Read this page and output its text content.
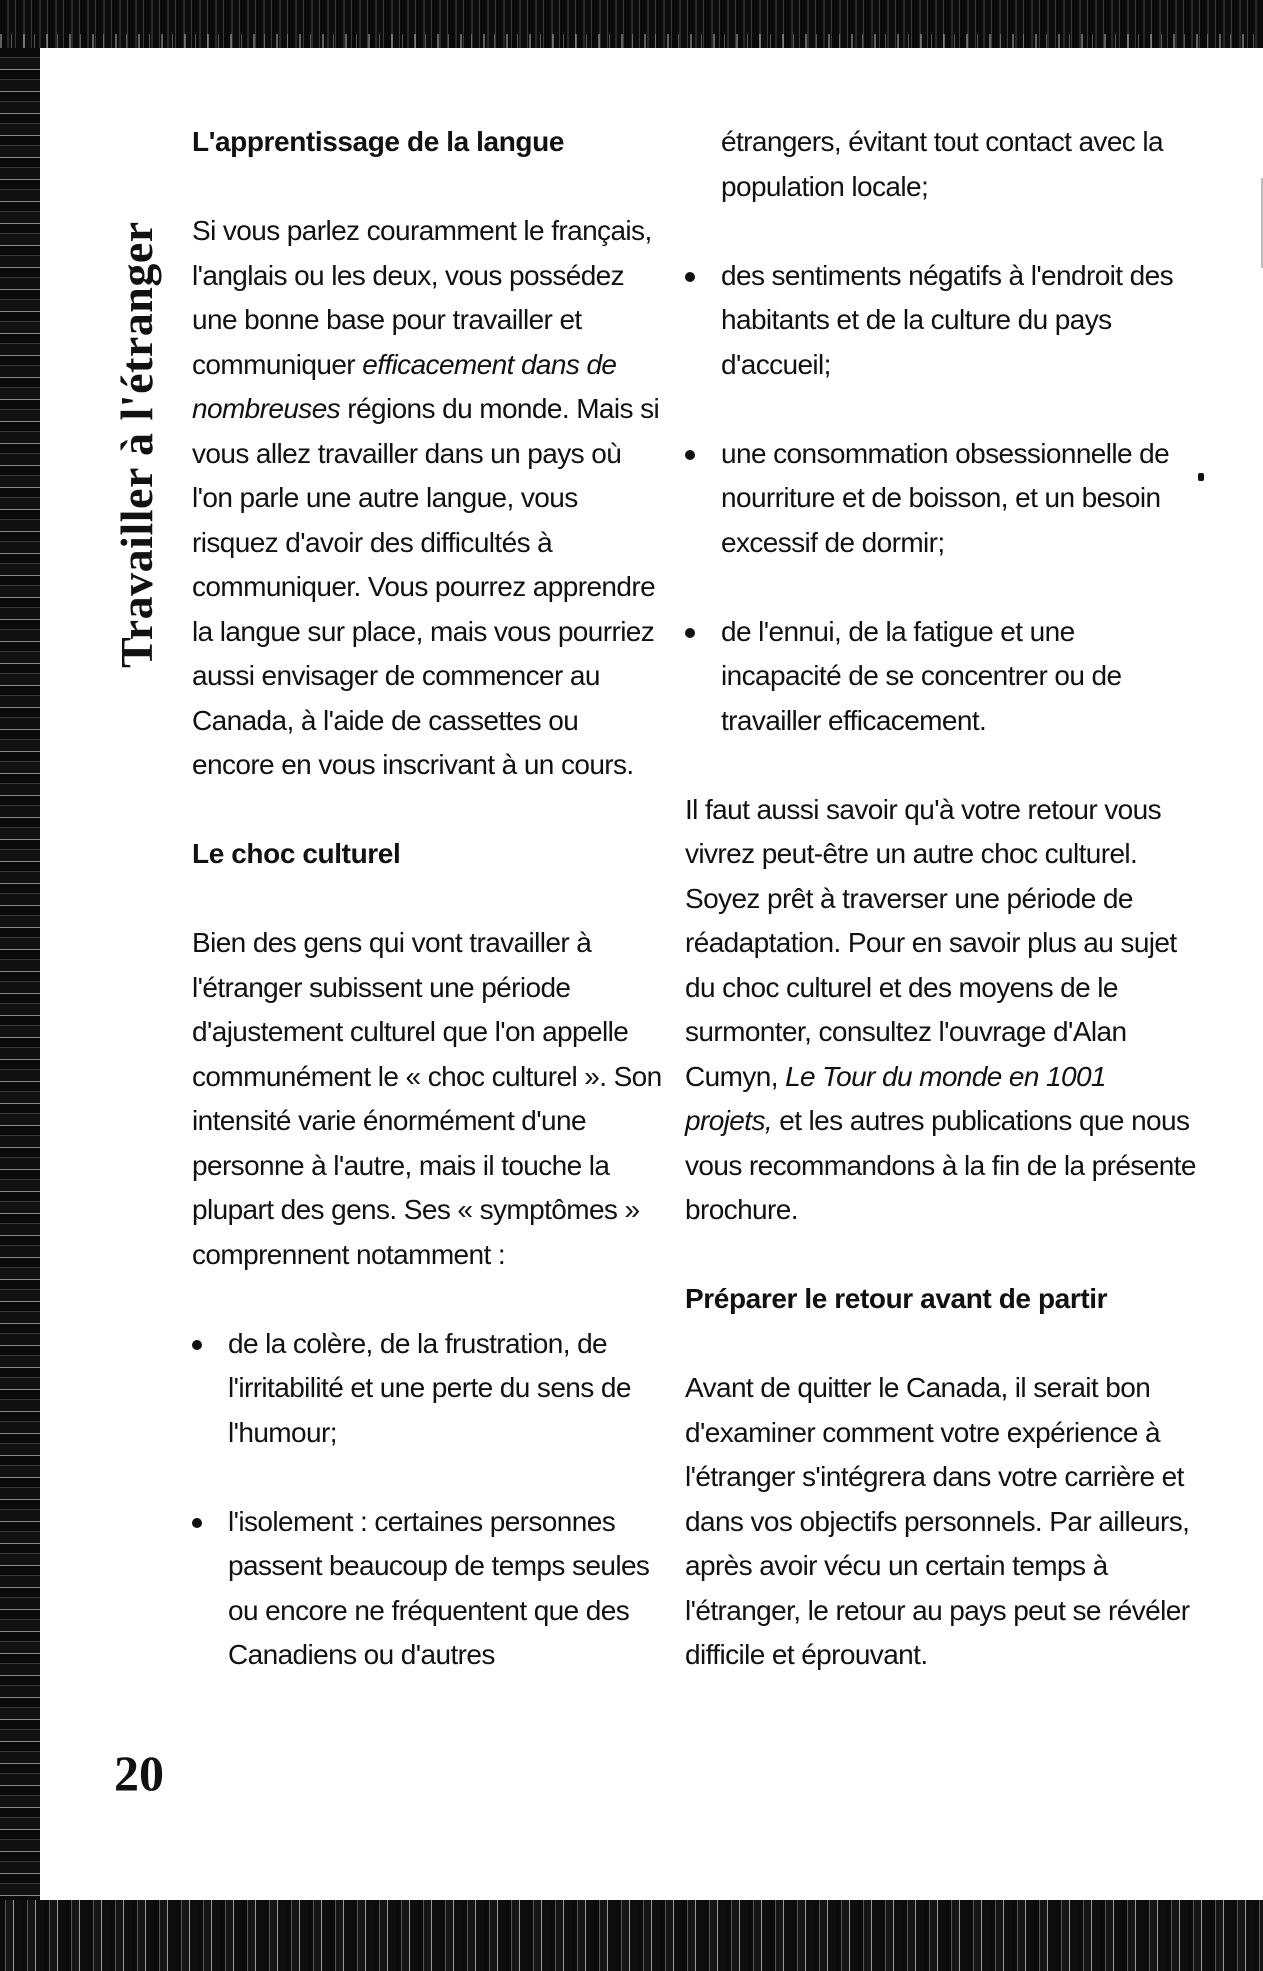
Travailler à l'étranger
20
L'apprentissage de la langue

Si vous parlez couramment le français, l'anglais ou les deux, vous possédez une bonne base pour travailler et communiquer efficacement dans de nombreuses régions du monde. Mais si vous allez travailler dans un pays où l'on parle une autre langue, vous risquez d'avoir des difficultés à communiquer. Vous pourrez apprendre la langue sur place, mais vous pourriez aussi envisager de commencer au Canada, à l'aide de cassettes ou encore en vous inscrivant à un cours.

Le choc culturel

Bien des gens qui vont travailler à l'étranger subissent une période d'ajustement culturel que l'on appelle communément le « choc culturel ». Son intensité varie énormément d'une personne à l'autre, mais il touche la plupart des gens. Ses « symptômes » comprennent notamment :

de la colère, de la frustration, de l'irritabilité et une perte du sens de l'humour;
l'isolement : certaines personnes passent beaucoup de temps seules ou encore ne fréquentent que des Canadiens ou d'autres

étrangers, évitant tout contact avec la population locale;

des sentiments négatifs à l'endroit des habitants et de la culture du pays d'accueil;
une consommation obsessionnelle de nourriture et de boisson, et un besoin excessif de dormir;
de l'ennui, de la fatigue et une incapacité de se concentrer ou de travailler efficacement.

Il faut aussi savoir qu'à votre retour vous vivrez peut-être un autre choc culturel. Soyez prêt à traverser une période de réadaptation. Pour en savoir plus au sujet du choc culturel et des moyens de le surmonter, consultez l'ouvrage d'Alan Cumyn, Le Tour du monde en 1001 projets, et les autres publications que nous vous recommandons à la fin de la présente brochure.

Préparer le retour avant de partir

Avant de quitter le Canada, il serait bon d'examiner comment votre expérience à l'étranger s'intégrera dans votre carrière et dans vos objectifs personnels. Par ailleurs, après avoir vécu un certain temps à l'étranger, le retour au pays peut se révéler difficile et éprouvant.
